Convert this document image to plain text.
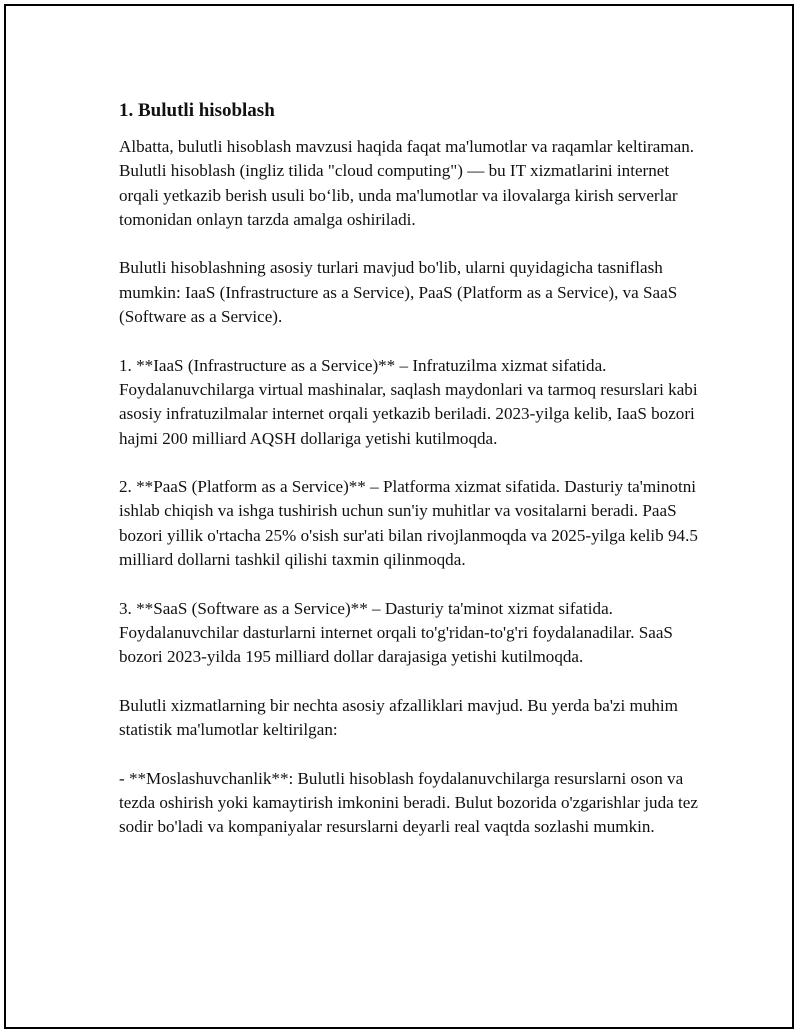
1. Bulutli hisoblash

Albatta, bulutli hisoblash mavzusi haqida faqat ma'lumotlar va raqamlar keltiraman. Bulutli hisoblash (ingliz tilida "cloud computing") — bu IT xizmatlarini internet orqali yetkazib berish usuli bo‘lib, unda ma'lumotlar va ilovalarga kirish serverlar tomonidan onlayn tarzda amalga oshiriladi.

Bulutli hisoblashning asosiy turlari mavjud bo'lib, ularni quyidagicha tasniflash mumkin: IaaS (Infrastructure as a Service), PaaS (Platform as a Service), va SaaS (Software as a Service).

1. **IaaS (Infrastructure as a Service)** – Infratuzilma xizmat sifatida. Foydalanuvchilarga virtual mashinalar, saqlash maydonlari va tarmoq resurslari kabi asosiy infratuzilmalar internet orqali yetkazib beriladi. 2023-yilga kelib, IaaS bozori hajmi 200 milliard AQSH dollariga yetishi kutilmoqda.

2. **PaaS (Platform as a Service)** – Platforma xizmat sifatida. Dasturiy ta'minotni ishlab chiqish va ishga tushirish uchun sun'iy muhitlar va vositalarni beradi. PaaS bozori yillik o'rtacha 25% o'sish sur'ati bilan rivojlanmoqda va 2025-yilga kelib 94.5 milliard dollarni tashkil qilishi taxmin qilinmoqda.

3. **SaaS (Software as a Service)** – Dasturiy ta'minot xizmat sifatida. Foydalanuvchilar dasturlarni internet orqali to'g'ridan-to'g'ri foydalanadilar. SaaS bozori 2023-yilda 195 milliard dollar darajasiga yetishi kutilmoqda.

Bulutli xizmatlarning bir nechta asosiy afzalliklari mavjud. Bu yerda ba'zi muhim statistik ma'lumotlar keltirilgan:

- **Moslashuvchanlik**: Bulutli hisoblash foydalanuvchilarga resurslarni oson va tezda oshirish yoki kamaytirish imkonini beradi. Bulut bozorida o'zgarishlar juda tez sodir bo'ladi va kompaniyalar resurslarni deyarli real vaqtda sozlashi mumkin.
